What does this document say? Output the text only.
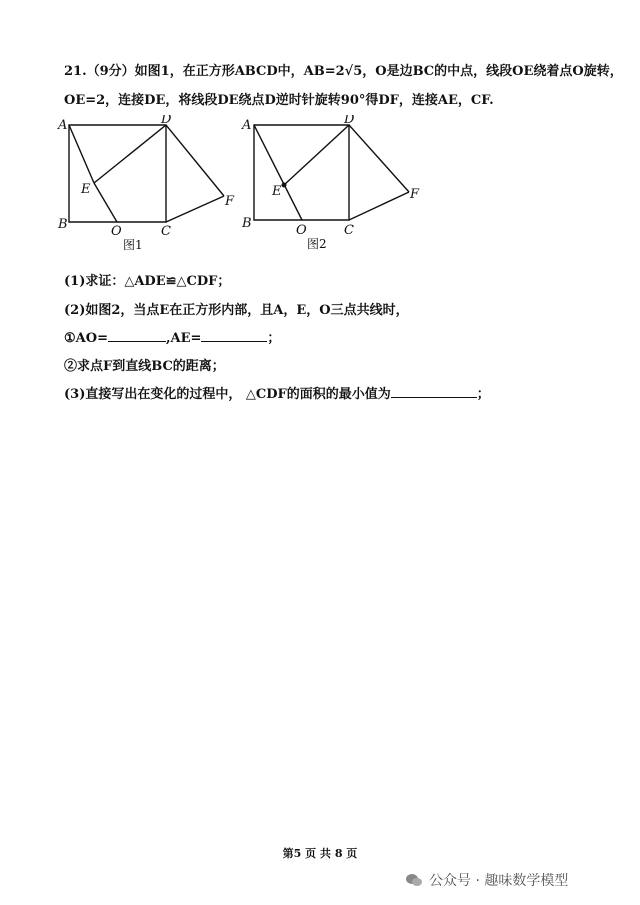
21.（9分）如图1，在正方形ABCD中，AB=2√5，O是边BC的中点，线段OE绕着点O旋转，
OE=2，连接DE，将线段DE绕点D逆时针旋转90°得DF，连接AE，CF.
A	D
E
F
B	O	C
图1
A	D
E	F
B	O	C
图2
(1)求证：△ADE≌△CDF；
(2)如图2，当点E在正方形内部，且A，E，O三点共线时，
①AO=	,AE=	；
②求点F到直线BC的距离；
(3)直接写出在变化的过程中， △CDF的面积的最小值为	；
第5 页 共 8 页
公众号 · 趣味数学模型
